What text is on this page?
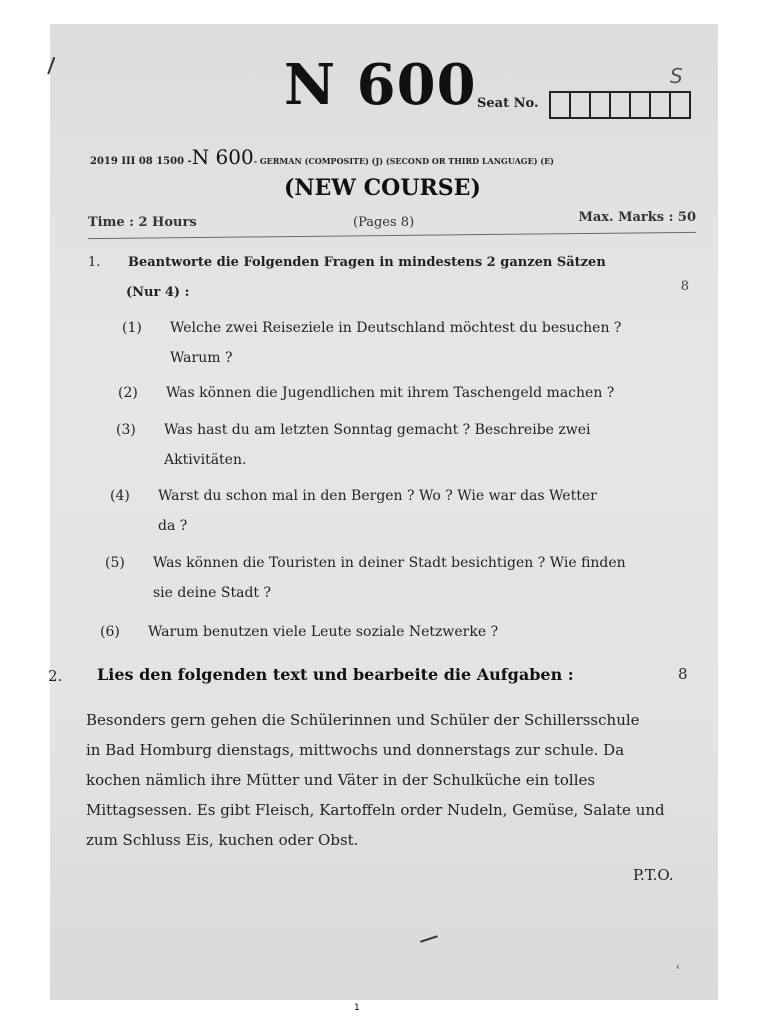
S
N 600 Seat No.
2019 III 08 1500 -N 600- GERMAN (COMPOSITE) (J) (SECOND OR THIRD LANGUAGE) (E)
(NEW COURSE)
Time : 2 Hours	(Pages 8)	Max. Marks : 50
1. Beantworte die Folgenden Fragen in mindestens 2 ganzen Sätzen
(Nur 4) :	8
(1) Welche zwei Reiseziele in Deutschland möchtest du besuchen ?
Warum ?
(2) Was können die Jugendlichen mit ihrem Taschengeld machen ?
(3) Was hast du am letzten Sonntag gemacht ? Beschreibe zwei
Aktivitäten.
(4) Warst du schon mal in den Bergen ? Wo ? Wie war das Wetter
da ?
(5) Was können die Touristen in deiner Stadt besichtigen ? Wie finden
sie deine Stadt ?
(6) Warum benutzen viele Leute soziale Netzwerke ?
2. Lies den folgenden text und bearbeite die Aufgaben :	8
Besonders gern gehen die Schülerinnen und Schüler der Schillersschule
in Bad Homburg dienstags, mittwochs und donnerstags zur schule. Da
kochen nämlich ihre Mütter und Väter in der Schulküche ein tolles
Mittagsessen. Es gibt Fleisch, Kartoffeln order Nudeln, Gemüse, Salate und
zum Schluss Eis, kuchen oder Obst.
P.T.O.
‹
1
